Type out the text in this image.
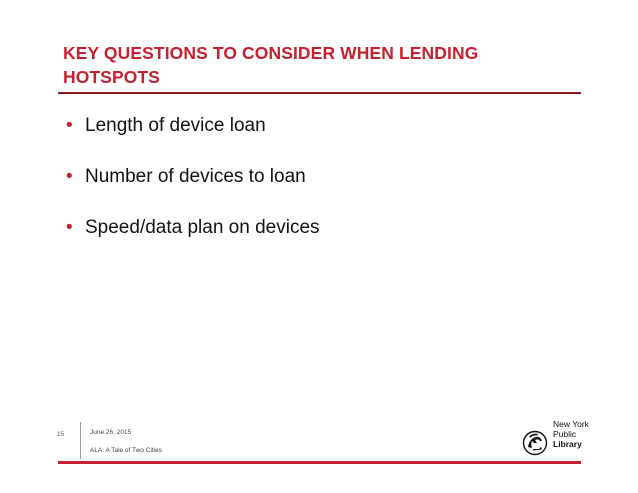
KEY QUESTIONS TO CONSIDER WHEN LENDING
HOTSPOTS
• Length of device loan
• Number of devices to loan
• Speed/data plan on devices
15	June 26, 2015
ALA: A Tale of Two Cities
New York
Public
Library
